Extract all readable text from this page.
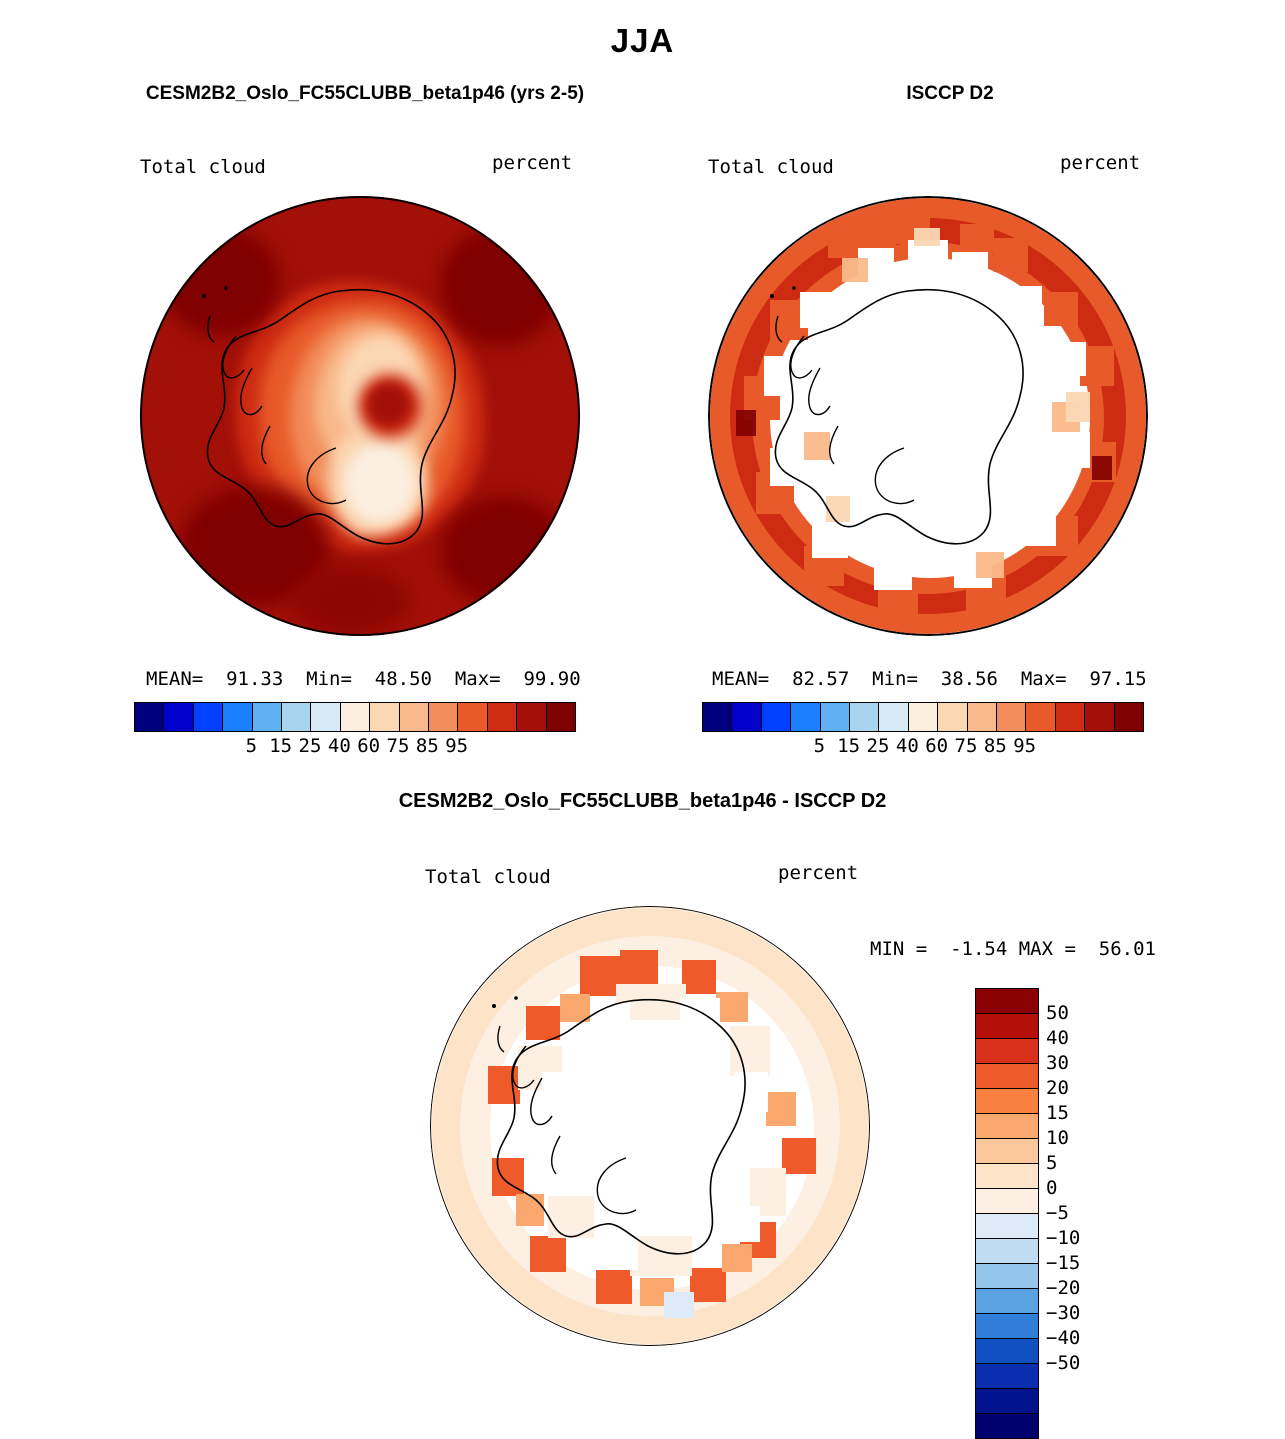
JJA
CESM2B2_Oslo_FC55CLUBB_beta1p46 (yrs 2-5)	ISCCP D2
CESM2B2_Oslo_FC55CLUBB_beta1p46 - ISCCP D2
Total cloud	percent
MEAN=  91.33  Min=  48.50  Max=  99.90
5 15 25 40 60 75 85 95
Total cloud	percent
MEAN=  82.57  Min=  38.56  Max=  97.15
5 15 25 40 60 75 85 95
Total cloud	percent
MIN =  -1.54 MAX =  56.01
50
40
30
20
15
10
5
0
−5
−10
−15
−20
−30
−40
−50
